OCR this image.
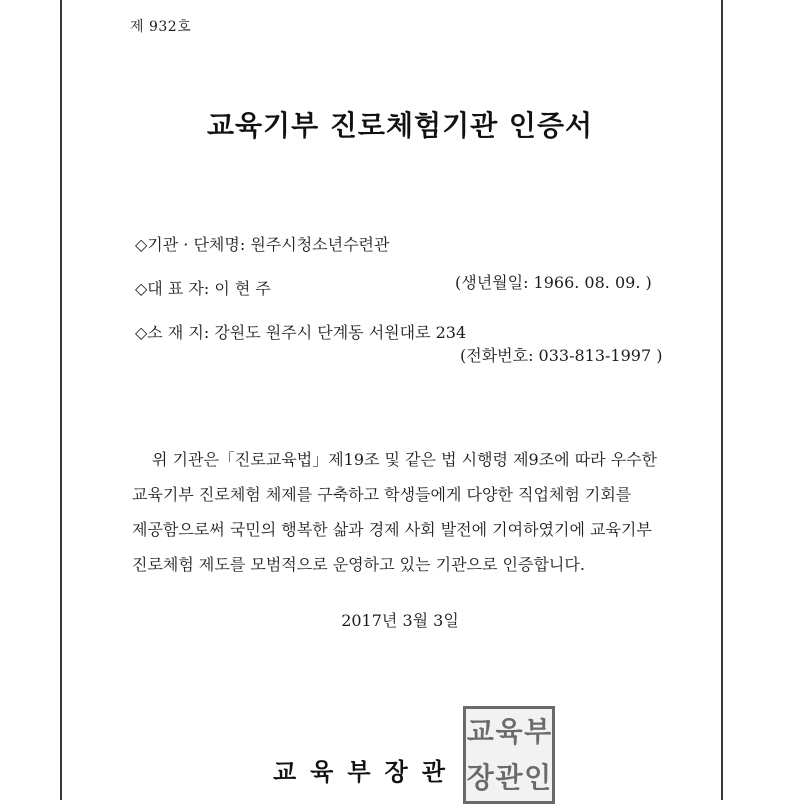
제 932호
교육기부 진로체험기관 인증서
◇기관 · 단체명: 원주시청소년수련관
◇대 표 자: 이 현 주	(생년월일: 1966. 08. 09. )
◇소 재 지: 강원도 원주시 단계동 서원대로 234
(전화번호: 033-813-1997 )
위 기관은「진로교육법」제19조 및 같은 법 시행령 제9조에 따라 우수한
교육기부 진로체험 체제를 구축하고 학생들에게 다양한 직업체험 기회를
제공함으로써 국민의 행복한 삶과 경제 사회 발전에 기여하였기에 교육기부
진로체험 제도를 모범적으로 운영하고 있는 기관으로 인증합니다.
2017년 3월 3일
교육부장관
교 육 부
장 관 인
